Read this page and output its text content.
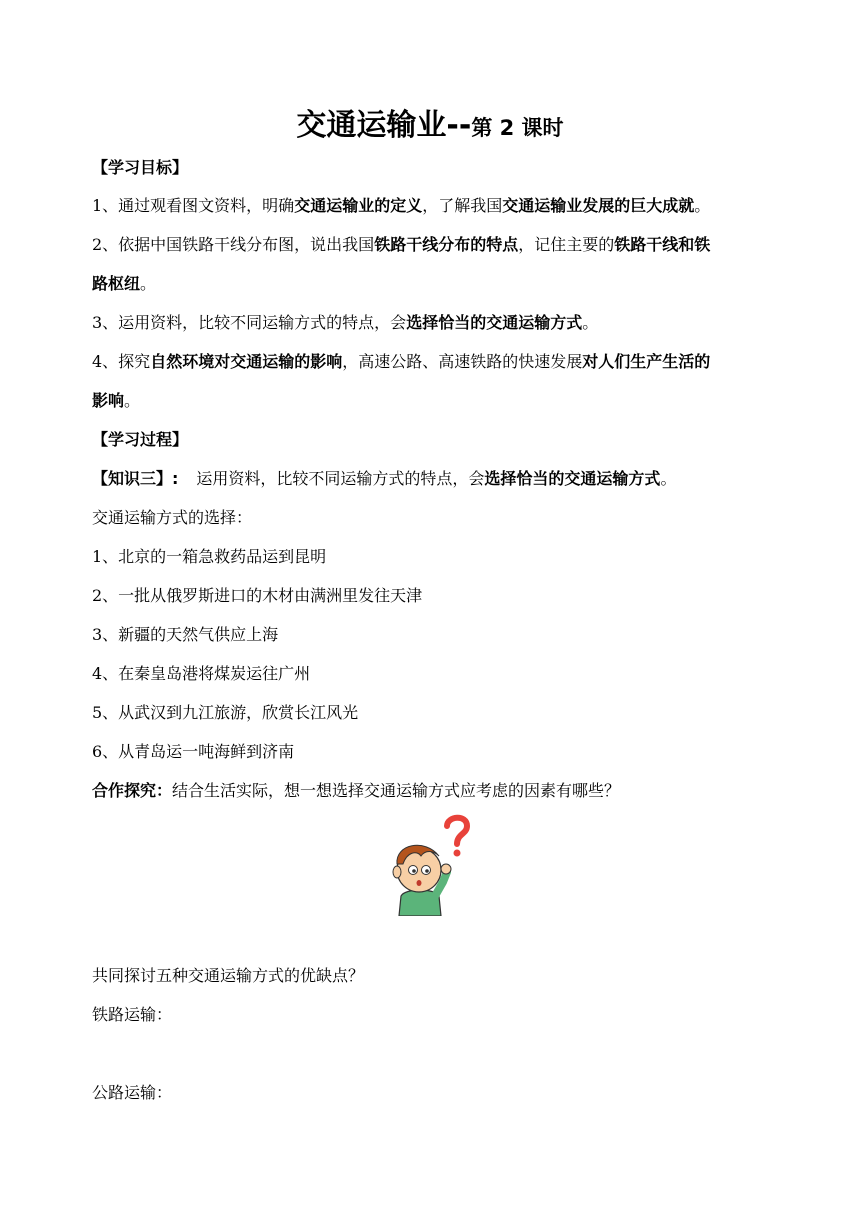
交通运输业--第 2 课时
【学习目标】
1、通过观看图文资料，明确交通运输业的定义，了解我国交通运输业发展的巨大成就。
2、依据中国铁路干线分布图，说出我国铁路干线分布的特点，记住主要的铁路干线和铁
路枢纽。
3、运用资料，比较不同运输方式的特点，会选择恰当的交通运输方式。
4、探究自然环境对交通运输的影响，高速公路、高速铁路的快速发展对人们生产生活的
影响。
【学习过程】
【知识三】: 运用资料，比较不同运输方式的特点，会选择恰当的交通运输方式。
交通运输方式的选择：
1、北京的一箱急救药品运到昆明
2、一批从俄罗斯进口的木材由满洲里发往天津
3、新疆的天然气供应上海
4、在秦皇岛港将煤炭运往广州
5、从武汉到九江旅游，欣赏长江风光
6、从青岛运一吨海鲜到济南
合作探究：结合生活实际，想一想选择交通运输方式应考虑的因素有哪些？
共同探讨五种交通运输方式的优缺点？
铁路运输：
公路运输：
